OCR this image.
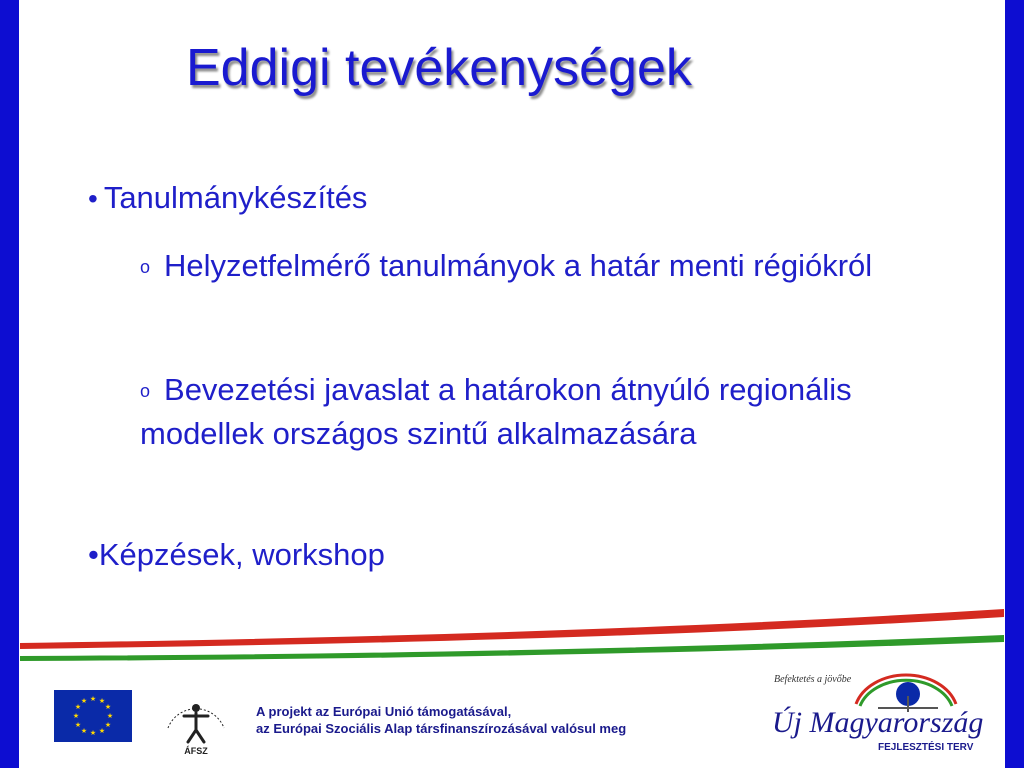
Eddigi tevékenységek
• Tanulmánykészítés
o Helyzetfelmérő tanulmányok a határ menti régiókról
o Bevezetési javaslat a határokon átnyúló regionális modellek országos szintű alkalmazására
•Képzések, workshop
★ ★
★
★
★
★
★
★
★
★
★
★
ÁFSZ
A projekt az Európai Unió támogatásával,
az Európai Szociális Alap társfinanszírozásával valósul meg
Befektetés a jövőbe
Új Magyarország
FEJLESZTÉSI TERV
